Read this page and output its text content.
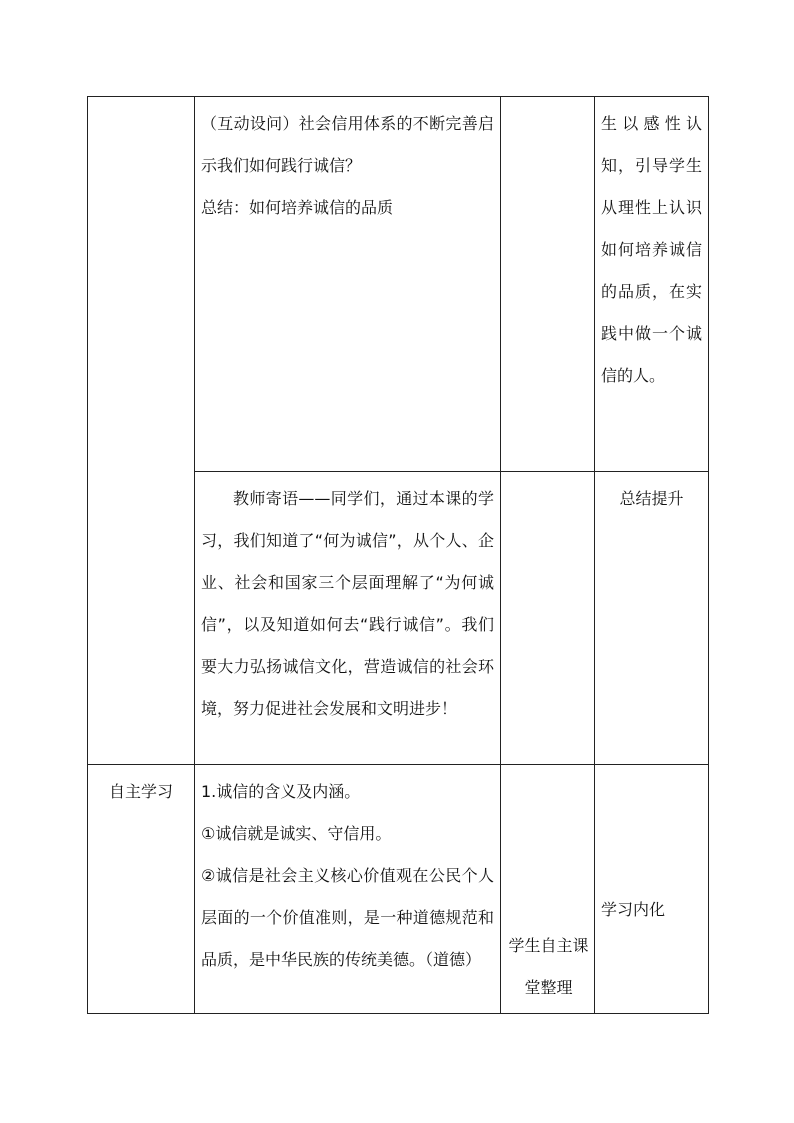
	（互动设问）社会信用体系的不断完善启示我们如何践行诚信？

总结：如何培养诚信的品质		生以感性认知，引导学生从理性上认识如何培养诚信的品质，在实践中做一个诚信的人。

	教师寄语——同学们，通过本课的学习，我们知道了“何为诚信”，从个人、企业、社会和国家三个层面理解了“为何诚信”，以及知道如何去“践行诚信”。我们要大力弘扬诚信文化，营造诚信的社会环境，努力促进社会发展和文明进步！		总结提升

自主学习	1.诚信的含义及内涵。

①诚信就是诚实、守信用。

②诚信是社会主义核心价值观在公民个人层面的一个价值准则，是一种道德规范和品质，是中华民族的传统美德。（道德）	学生自主课堂整理	学习内化
